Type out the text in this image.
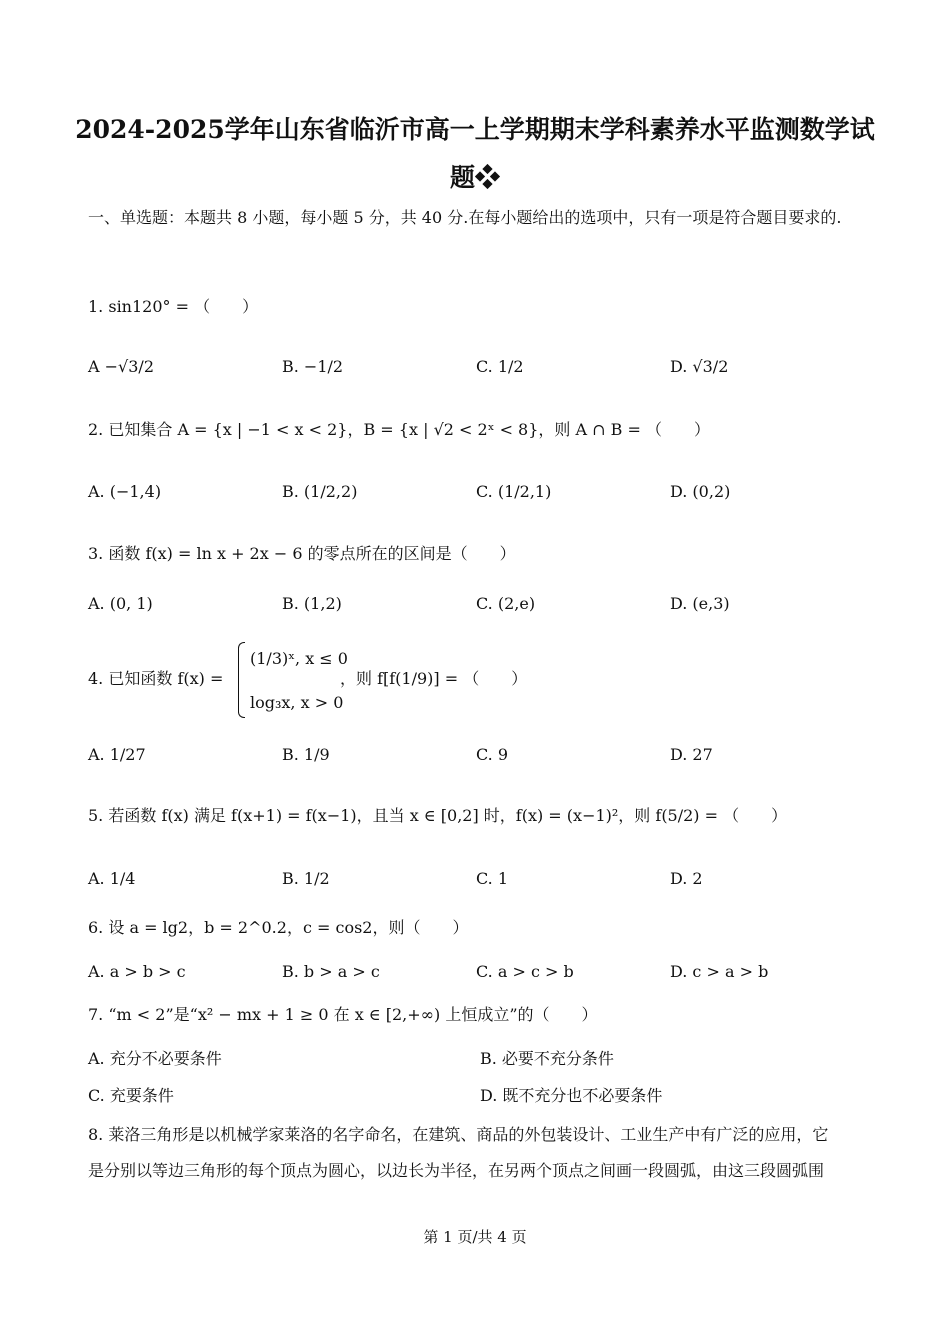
2024-2025学年山东省临沂市高一上学期期末学科素养水平监测数学试
题❖
一、单选题：本题共 8 小题，每小题 5 分，共 40 分.在每小题给出的选项中，只有一项是符合题目要求的.
1. sin120° = （　　）
A −√3/2	B. −1/2	C. 1/2	D. √3/2
2. 已知集合 A = {x | −1 < x < 2}，B = {x | √2 < 2ˣ < 8}，则 A ∩ B = （　　）
A. (−1,4)	B. (1/2,2)	C. (1/2,1)	D. (0,2)
3. 函数 f(x) = ln x + 2x − 6 的零点所在的区间是（　　）
A. (0, 1)	B. (1,2)	C. (2,e)	D. (e,3)
4. 已知函数 f(x) =
(1/3)ˣ, x ≤ 0
log₃x, x > 0
，则 f[f(1/9)] = （　　）
A. 1/27	B. 1/9	C. 9	D. 27
5. 若函数 f(x) 满足 f(x+1) = f(x−1)，且当 x ∈ [0,2] 时，f(x) = (x−1)²，则 f(5/2) = （　　）
A. 1/4	B. 1/2	C. 1	D. 2
6. 设 a = lg2，b = 2^0.2，c = cos2，则（　　）
A. a > b > c	B. b > a > c	C. a > c > b	D. c > a > b
7. “m < 2”是“x² − mx + 1 ≥ 0 在 x ∈ [2,+∞) 上恒成立”的（　　）
A. 充分不必要条件	B. 必要不充分条件
C. 充要条件	D. 既不充分也不必要条件
8. 莱洛三角形是以机械学家莱洛的名字命名，在建筑、商品的外包装设计、工业生产中有广泛的应用，它
是分别以等边三角形的每个顶点为圆心，以边长为半径，在另两个顶点之间画一段圆弧，由这三段圆弧围
第 1 页/共 4 页
